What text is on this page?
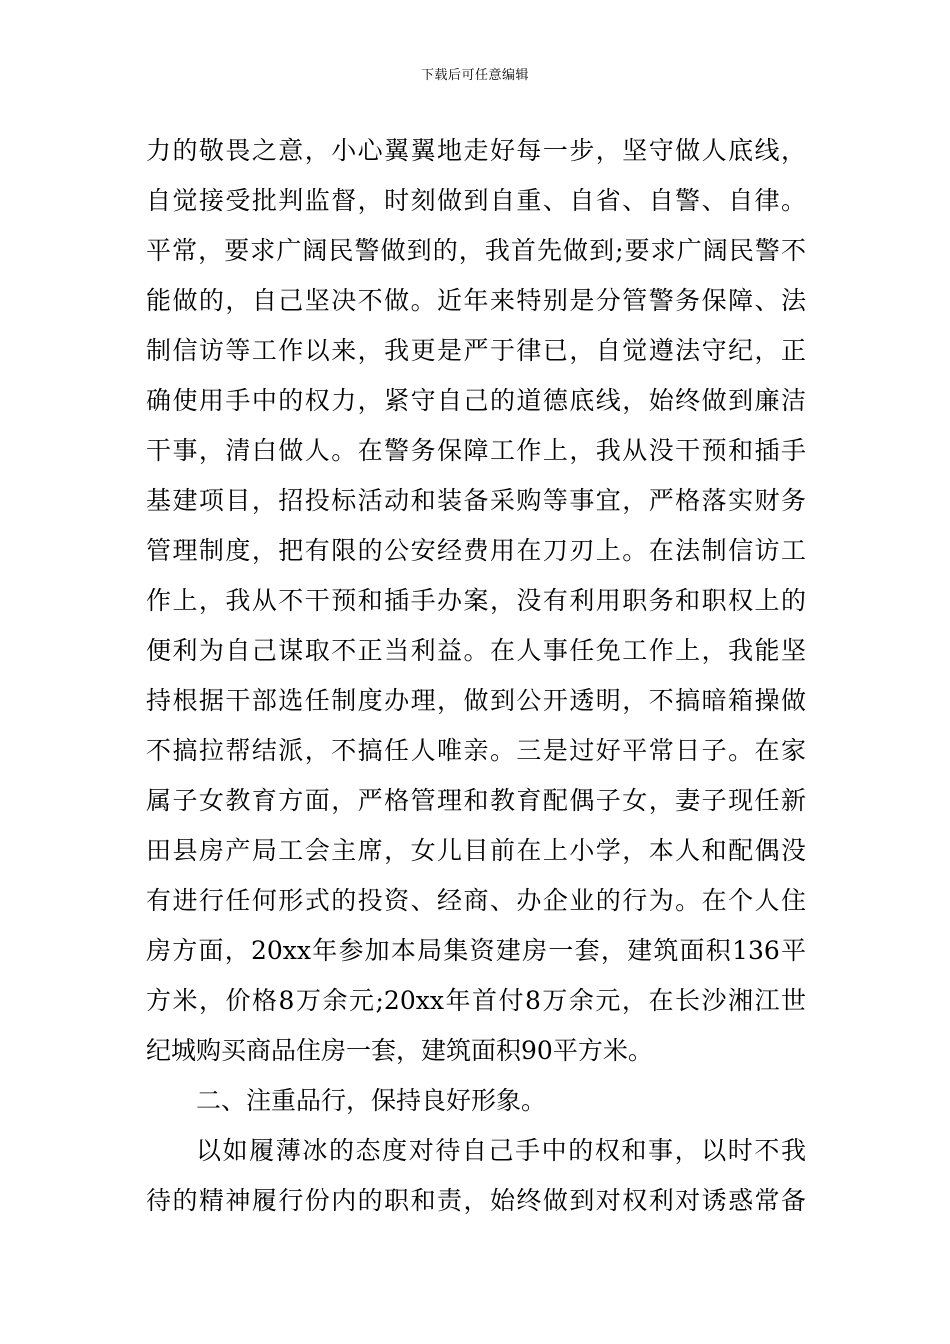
下载后可任意编辑
力的敬畏之意，小心翼翼地走好每一步，坚守做人底线，
自觉接受批判监督，时刻做到自重、自省、自警、自律。
平常，要求广阔民警做到的，我首先做到;要求广阔民警不
能做的，自己坚决不做。近年来特别是分管警务保障、法
制信访等工作以来，我更是严于律已，自觉遵法守纪，正
确使用手中的权力，紧守自己的道德底线，始终做到廉洁
干事，清白做人。在警务保障工作上，我从没干预和插手
基建项目，招投标活动和装备采购等事宜，严格落实财务
管理制度，把有限的公安经费用在刀刃上。在法制信访工
作上，我从不干预和插手办案，没有利用职务和职权上的
便利为自己谋取不正当利益。在人事任免工作上，我能坚
持根据干部选任制度办理，做到公开透明，不搞暗箱操做
不搞拉帮结派，不搞任人唯亲。三是过好平常日子。在家
属子女教育方面，严格管理和教育配偶子女，妻子现任新
田县房产局工会主席，女儿目前在上小学，本人和配偶没
有进行任何形式的投资、经商、办企业的行为。在个人住
房方面，20xx年参加本局集资建房一套，建筑面积136平
方米，价格8万余元;20xx年首付8万余元，在长沙湘江世
纪城购买商品住房一套，建筑面积90平方米。
二、注重品行，保持良好形象。
以如履薄冰的态度对待自己手中的权和事，以时不我
待的精神履行份内的职和责，始终做到对权利对诱惑常备
